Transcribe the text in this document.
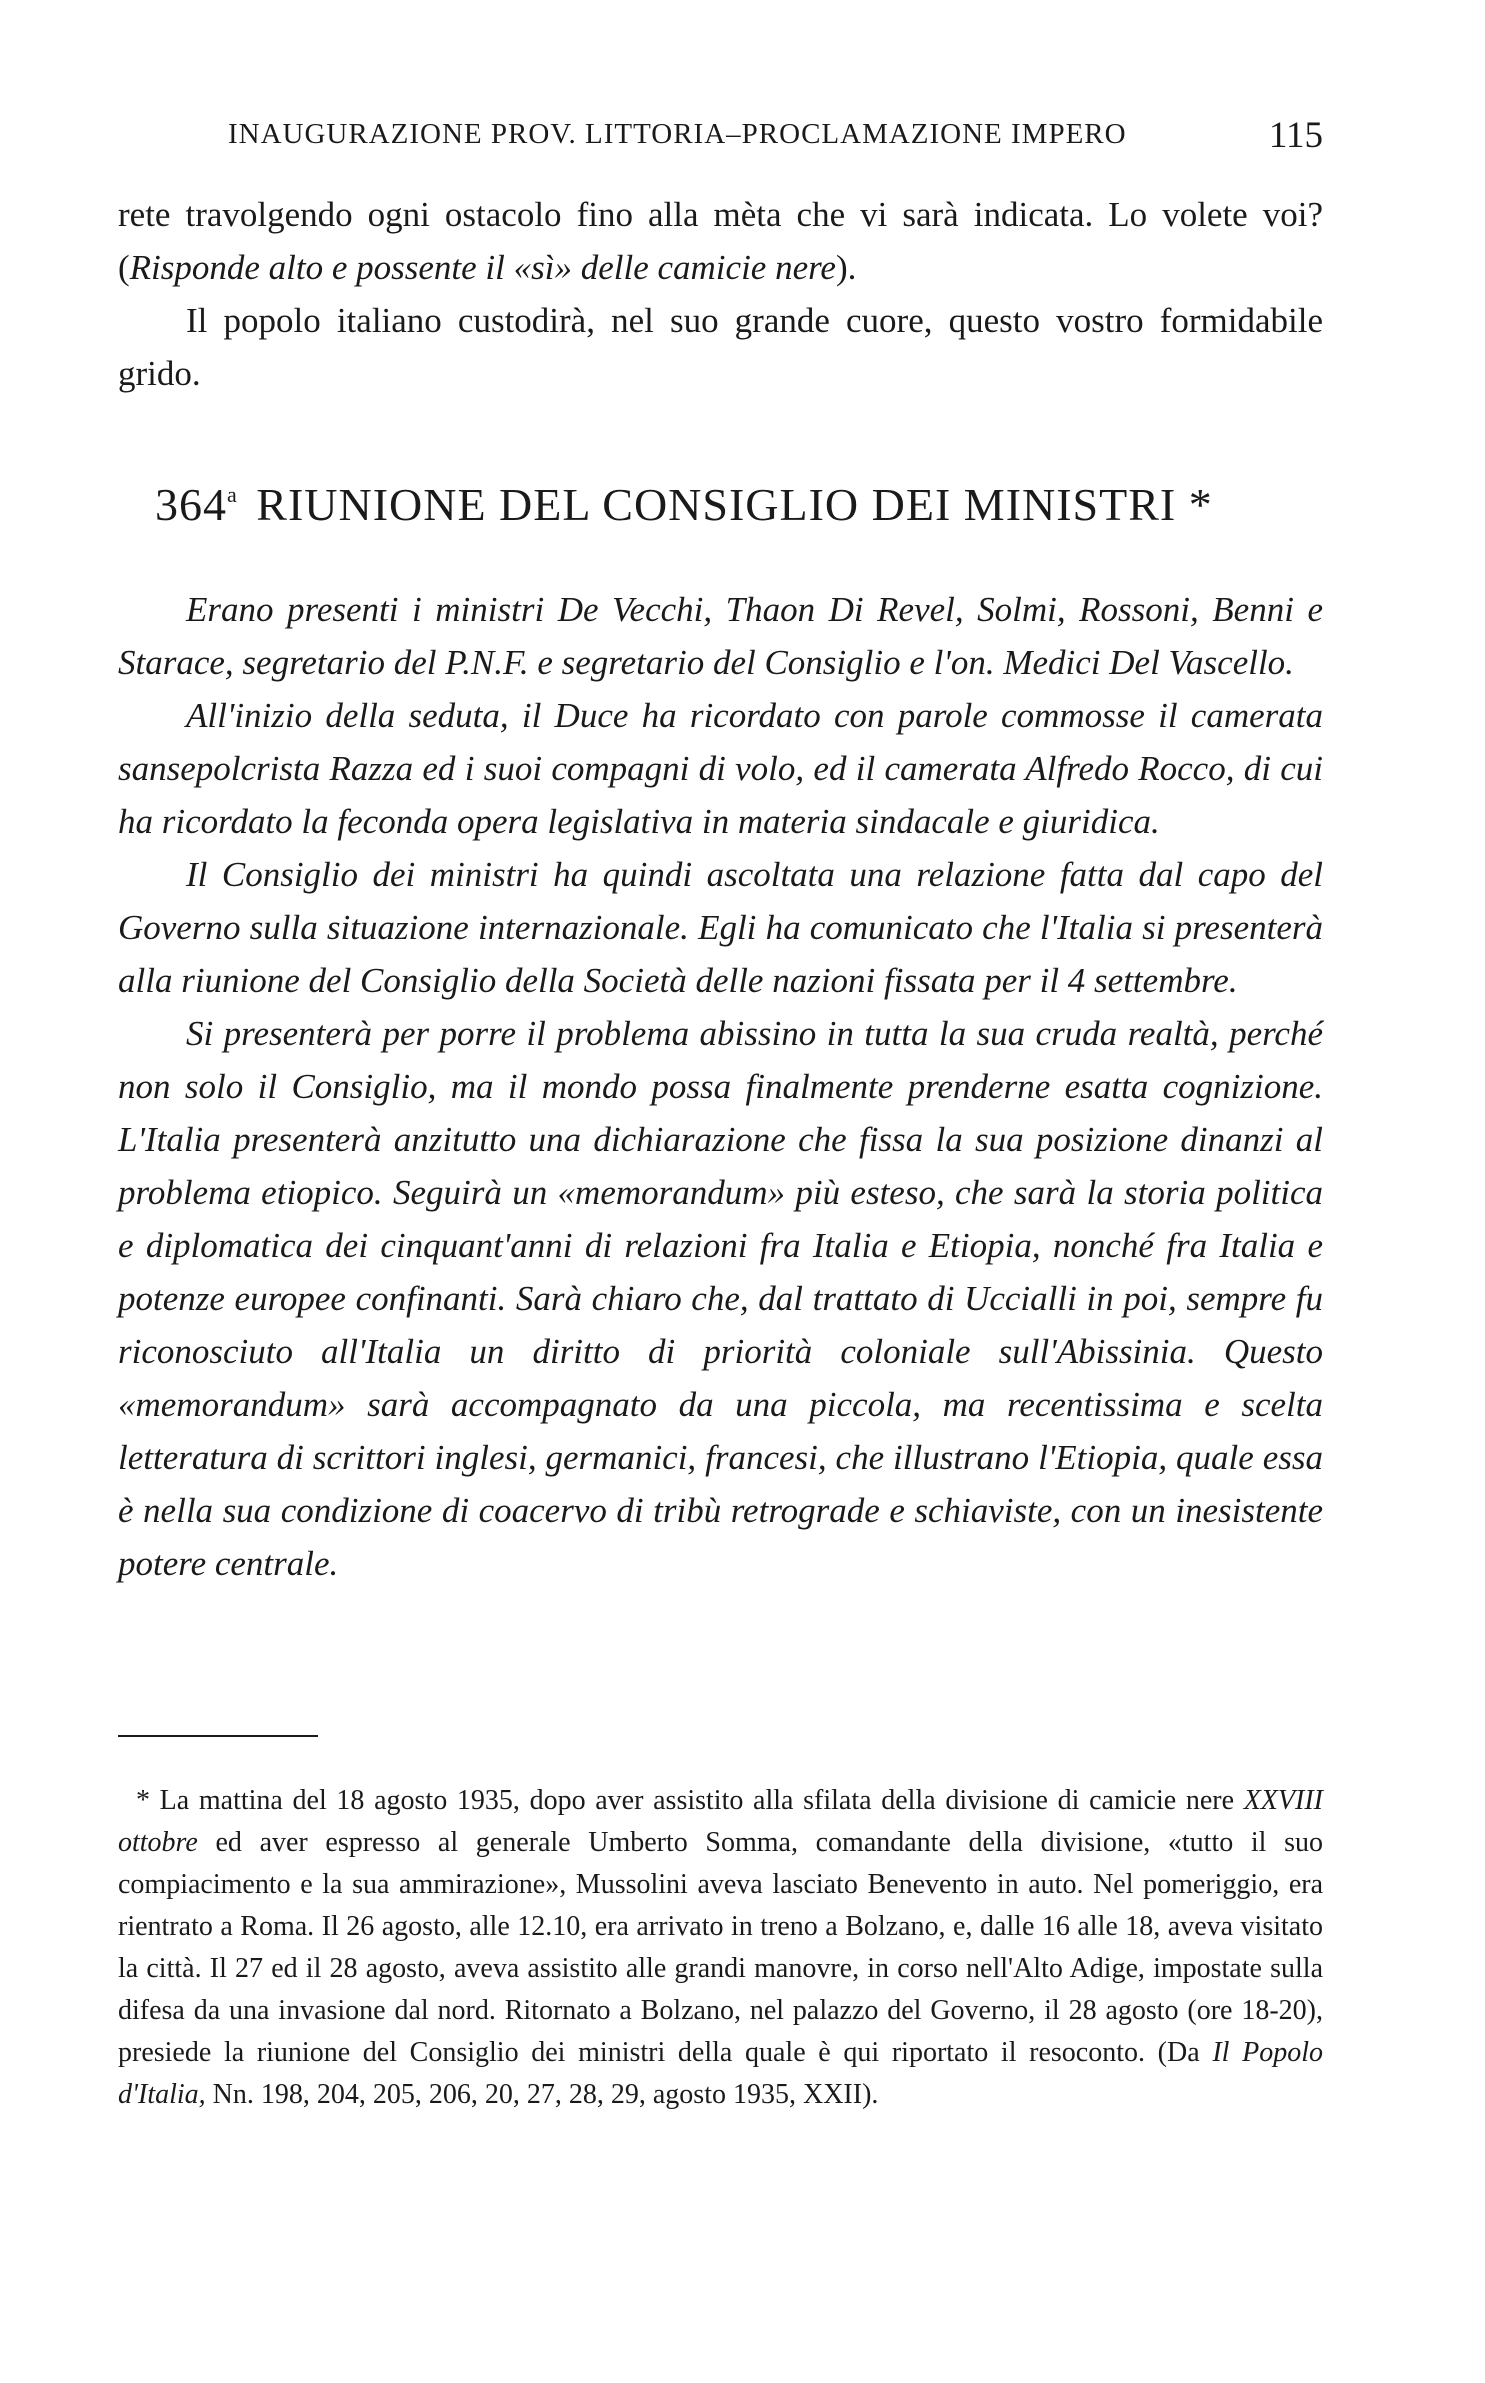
INAUGURAZIONE PROV. LITTORIA–PROCLAMAZIONE IMPERO	115

rete travolgendo ogni ostacolo fino alla mèta che vi sarà indicata. Lo volete voi? (Risponde alto e possente il «sì» delle camicie nere).

Il popolo italiano custodirà, nel suo grande cuore, questo vostro formidabile grido.

364$^a$ RIUNIONE DEL CONSIGLIO DEI MINISTRI *

Erano presenti i ministri De Vecchi, Thaon Di Revel, Solmi, Rossoni, Benni e Starace, segretario del P.N.F. e segretario del Consiglio e l'on. Medici Del Vascello.

All'inizio della seduta, il Duce ha ricordato con parole commosse il camerata sansepolcrista Razza ed i suoi compagni di volo, ed il camerata Alfredo Rocco, di cui ha ricordato la feconda opera legislativa in materia sindacale e giuridica.

Il Consiglio dei ministri ha quindi ascoltata una relazione fatta dal capo del Governo sulla situazione internazionale. Egli ha comunicato che l'Italia si presenterà alla riunione del Consiglio della Società delle nazioni fissata per il 4 settembre.

Si presenterà per porre il problema abissino in tutta la sua cruda realtà, perché non solo il Consiglio, ma il mondo possa finalmente prenderne esatta cognizione. L'Italia presenterà anzitutto una dichiarazione che fissa la sua posizione dinanzi al problema etiopico. Seguirà un «memorandum» più esteso, che sarà la storia politica e diplomatica dei cinquant'anni di relazioni fra Italia e Etiopia, nonché fra Italia e potenze europee confinanti. Sarà chiaro che, dal trattato di Uccialli in poi, sempre fu riconosciuto all'Italia un diritto di priorità coloniale sull'Abissinia. Questo «memorandum» sarà accompagnato da una piccola, ma recentissima e scelta letteratura di scrittori inglesi, germanici, francesi, che illustrano l'Etiopia, quale essa è nella sua condizione di coacervo di tribù retrograde e schiaviste, con un inesistente potere centrale.

* La mattina del 18 agosto 1935, dopo aver assistito alla sfilata della divisione di camicie nere XXVIII ottobre ed aver espresso al generale Umberto Somma, comandante della divisione, «tutto il suo compiacimento e la sua ammirazione», Mussolini aveva lasciato Benevento in auto. Nel pomeriggio, era rientrato a Roma. Il 26 agosto, alle 12.10, era arrivato in treno a Bolzano, e, dalle 16 alle 18, aveva visitato la città. Il 27 ed il 28 agosto, aveva assistito alle grandi manovre, in corso nell'Alto Adige, impostate sulla difesa da una invasione dal nord. Ritornato a Bolzano, nel palazzo del Governo, il 28 agosto (ore 18-20), presiede la riunione del Consiglio dei ministri della quale è qui riportato il resoconto. (Da Il Popolo d'Italia, Nn. 198, 204, 205, 206, 20, 27, 28, 29, agosto 1935, XXII).
